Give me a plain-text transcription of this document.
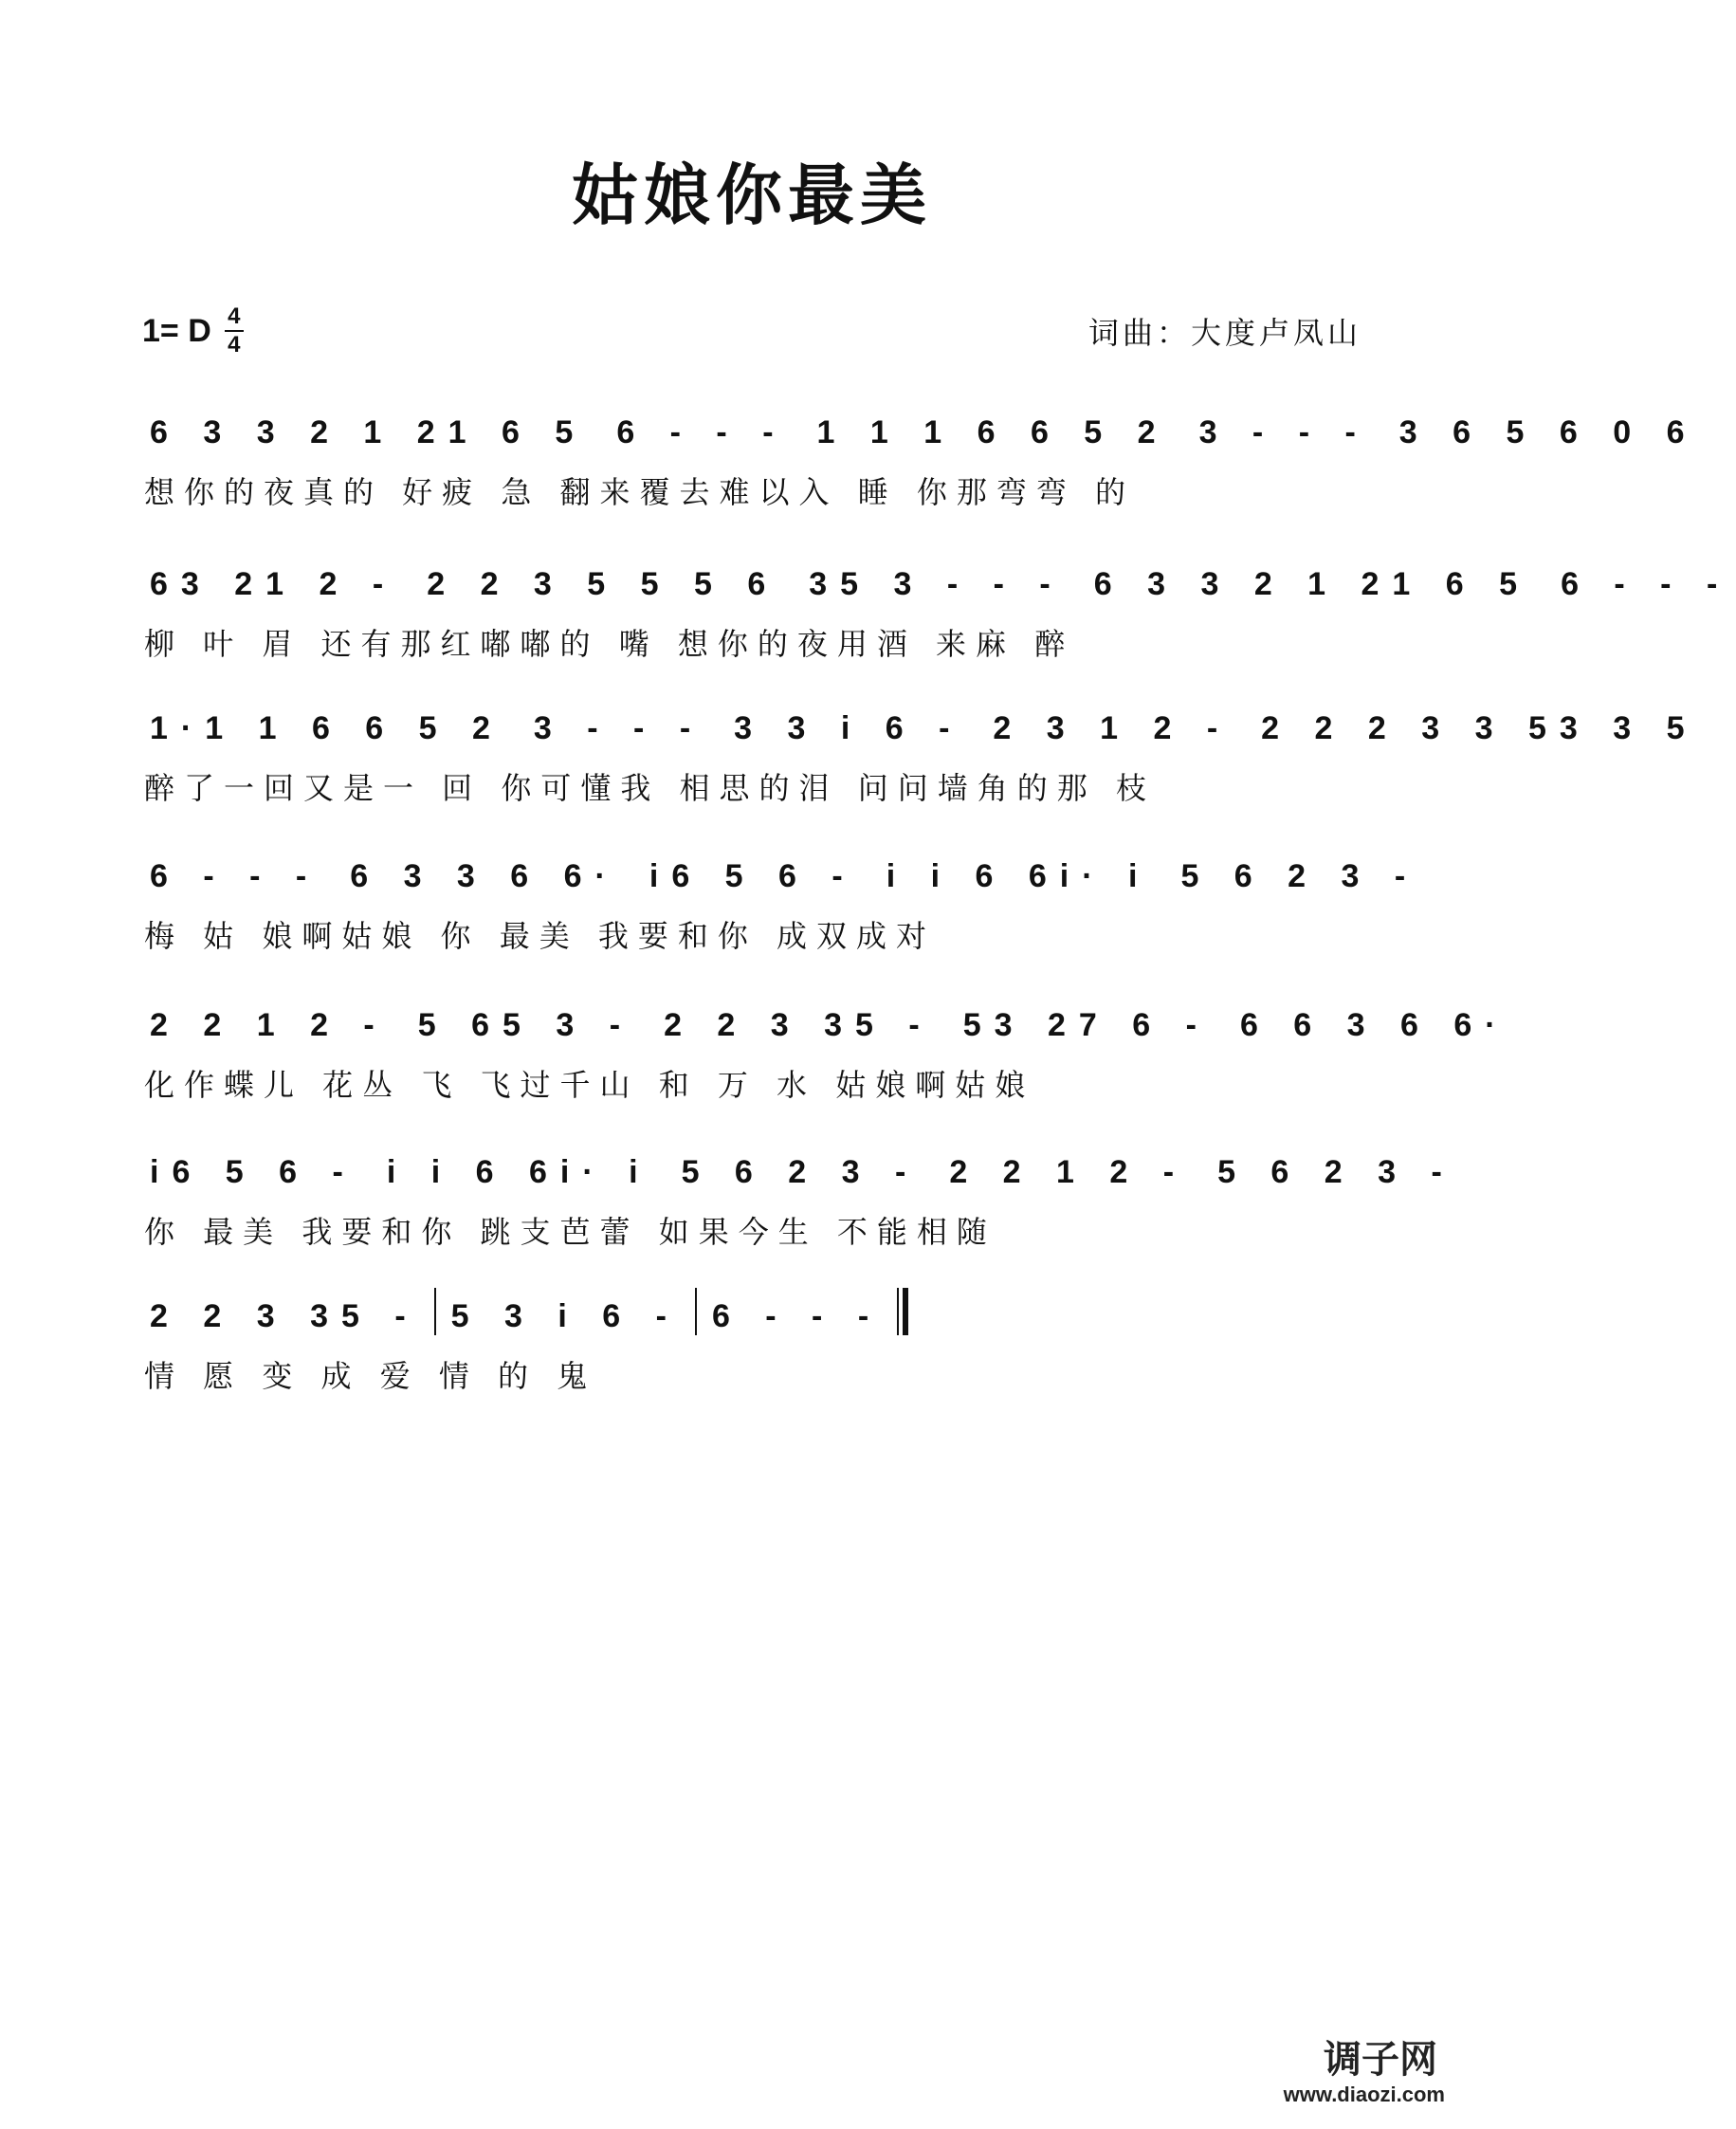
姑娘你最美
1= D 4
4	词曲：大度卢凤山
6 3 3 2 1 21 6 5 6 - - - 1 1 1 6 6 5 2 3 - - - 3 6 5 6 0 6
想你的夜真的 好疲 急 翻来覆去难以入 睡 你那弯弯 的
63 21 2 - 2 2 3 5 5 5 6 35 3 - - - 6 3 3 2 1 21 6 5 6 - - -
柳 叶 眉 还有那红嘟嘟的 嘴 想你的夜用酒 来麻 醉
1·1 1 6 6 5 2 3 - - - 3 3 i 6 - 2 3 1 2 - 2 2 2 3 3 53 3 5
醉了一回又是一 回 你可懂我 相思的泪 问问墙角的那 枝
6 - - - 6 3 3 6 6· i6 5 6 - i i 6 6i· i 5 6 2 3 -
梅 姑 娘啊姑娘 你 最美 我要和你 成双成对
2 2 1 2 - 5 65 3 - 2 2 3 35 - 53 27 6 - 6 6 3 6 6·
化作蝶儿 花丛 飞 飞过千山 和 万 水 姑娘啊姑娘
i6 5 6 - i i 6 6i· i 5 6 2 3 - 2 2 1 2 - 5 6 2 3 -
你 最美 我要和你 跳支芭蕾 如果今生 不能相随
2 2 3 35 - 5 3 i 6 - 6 - - -
情 愿 变 成 爱 情 的 鬼
调子网
www.diaozi.com
